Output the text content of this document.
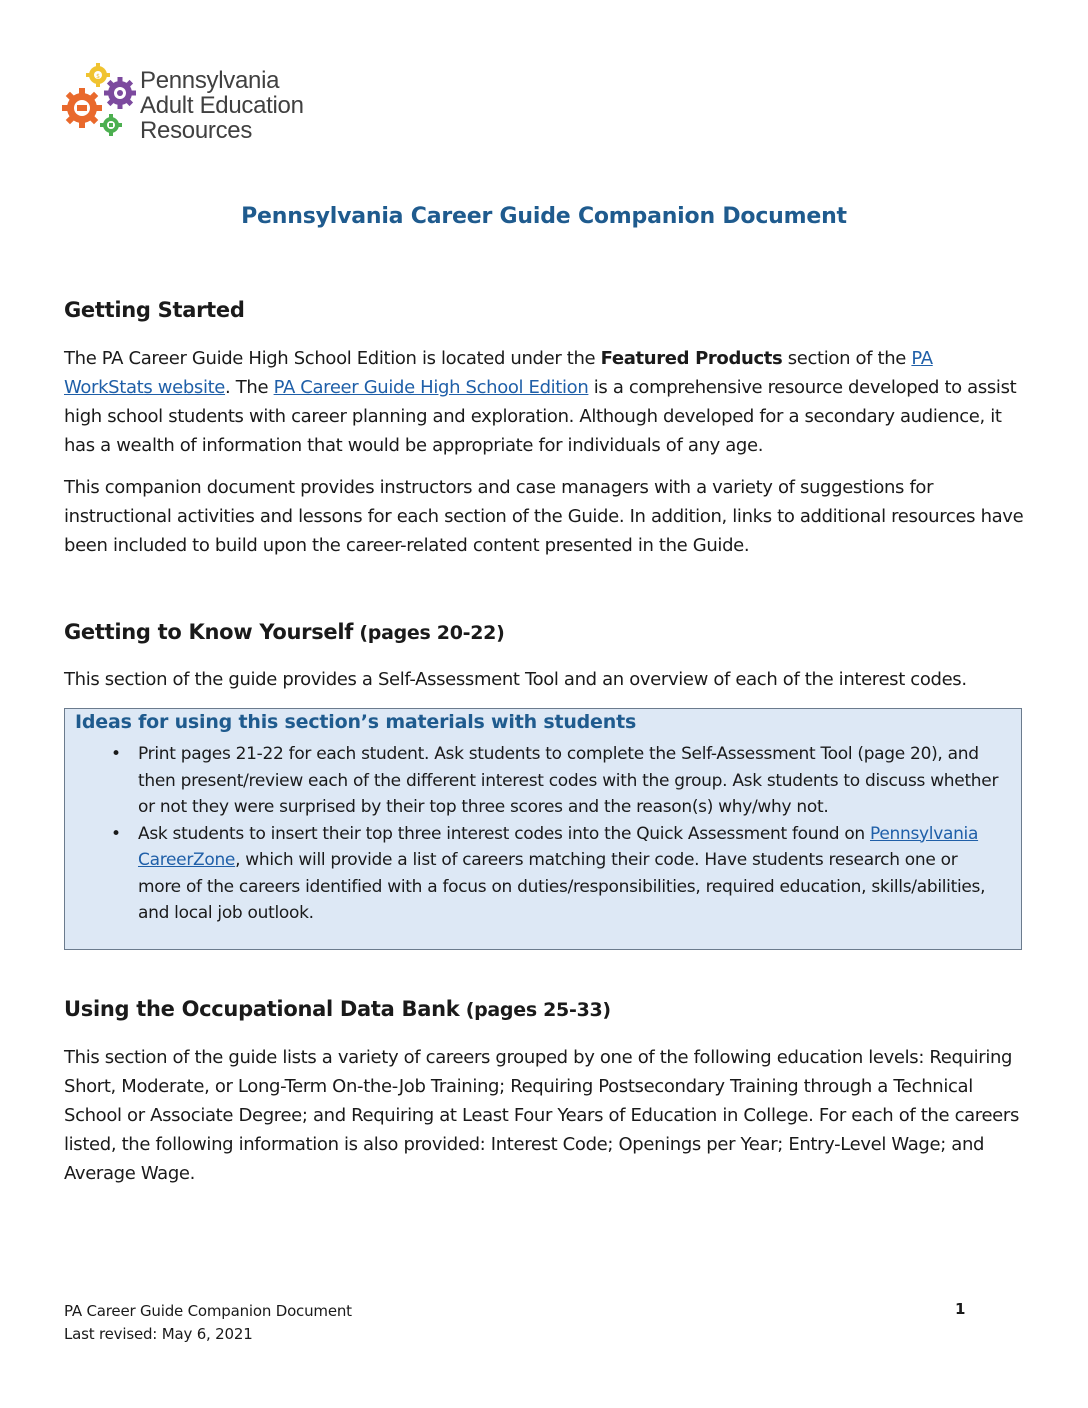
$ Pennsylvania
Adult Education
Resources
Pennsylvania Career Guide Companion Document
Getting Started

The PA Career Guide High School Edition is located under the Featured Products section of the PA WorkStats website. The PA Career Guide High School Edition is a comprehensive resource developed to assist high school students with career planning and exploration. Although developed for a secondary audience, it has a wealth of information that would be appropriate for individuals of any age.

This companion document provides instructors and case managers with a variety of suggestions for instructional activities and lessons for each section of the Guide. In addition, links to additional resources have been included to build upon the career-related content presented in the Guide.

Getting to Know Yourself (pages 20-22)

This section of the guide provides a Self-Assessment Tool and an overview of each of the interest codes.

Ideas for using this section’s materials with students
• Print pages 21-22 for each student. Ask students to complete the Self-Assessment Tool (page 20), and then present/review each of the different interest codes with the group. Ask students to discuss whether or not they were surprised by their top three scores and the reason(s) why/why not.
• Ask students to insert their top three interest codes into the Quick Assessment found on Pennsylvania CareerZone, which will provide a list of careers matching their code. Have students research one or more of the careers identified with a focus on duties/responsibilities, required education, skills/abilities, and local job outlook.
Using the Occupational Data Bank (pages 25-33)

This section of the guide lists a variety of careers grouped by one of the following education levels: Requiring Short, Moderate, or Long-Term On-the-Job Training; Requiring Postsecondary Training through a Technical School or Associate Degree; and Requiring at Least Four Years of Education in College. For each of the careers listed, the following information is also provided: Interest Code; Openings per Year; Entry-Level Wage; and Average Wage.

PA Career Guide Companion Document
Last revised: May 6, 2021
1
